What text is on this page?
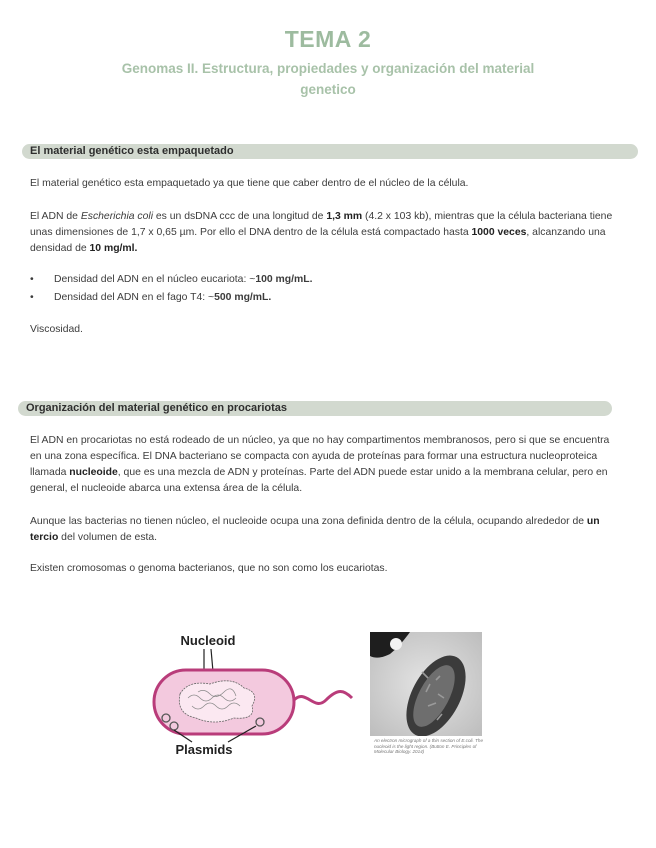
TEMA 2
Genomas II. Estructura, propiedades y organización del material genetico
El material genético esta empaquetado
El material genético esta empaquetado ya que tiene que caber dentro de el núcleo de la célula.
El ADN de Escherichia coli es un dsDNA ccc de una longitud de 1,3 mm (4.2 x 103 kb), mientras que la célula bacteriana tiene unas dimensiones de 1,7 x 0,65 µm. Por ello el DNA dentro de la célula está compactado hasta 1000 veces, alcanzando una densidad de 10 mg/ml.
• Densidad del ADN en el núcleo eucariota: ~100 mg/mL.
• Densidad del ADN en el fago T4: ~500 mg/mL.
Viscosidad.
Organización del material genético en procariotas
El ADN en procariotas no está rodeado de un núcleo, ya que no hay compartimentos membranosos, pero si que se encuentra en una zona específica. El DNA bacteriano se compacta con ayuda de proteínas para formar una estructura nucleoproteica llamada nucleoide, que es una mezcla de ADN y proteínas. Parte del ADN puede estar unido a la membrana celular, pero en general, el nucleoide abarca una extensa área de la célula.
Aunque las bacterias no tienen núcleo, el nucleoide ocupa una zona definida dentro de la célula, ocupando alrededor de un tercio del volumen de esta.
Existen cromosomas o genoma bacterianos, que no son como los eucariotas.
Nucleoid
Plasmids
An electron micrograph of a thin section of E.coli. The nucleoid is the light region. (Button E. Principles of Molecular Biology. 2014)
